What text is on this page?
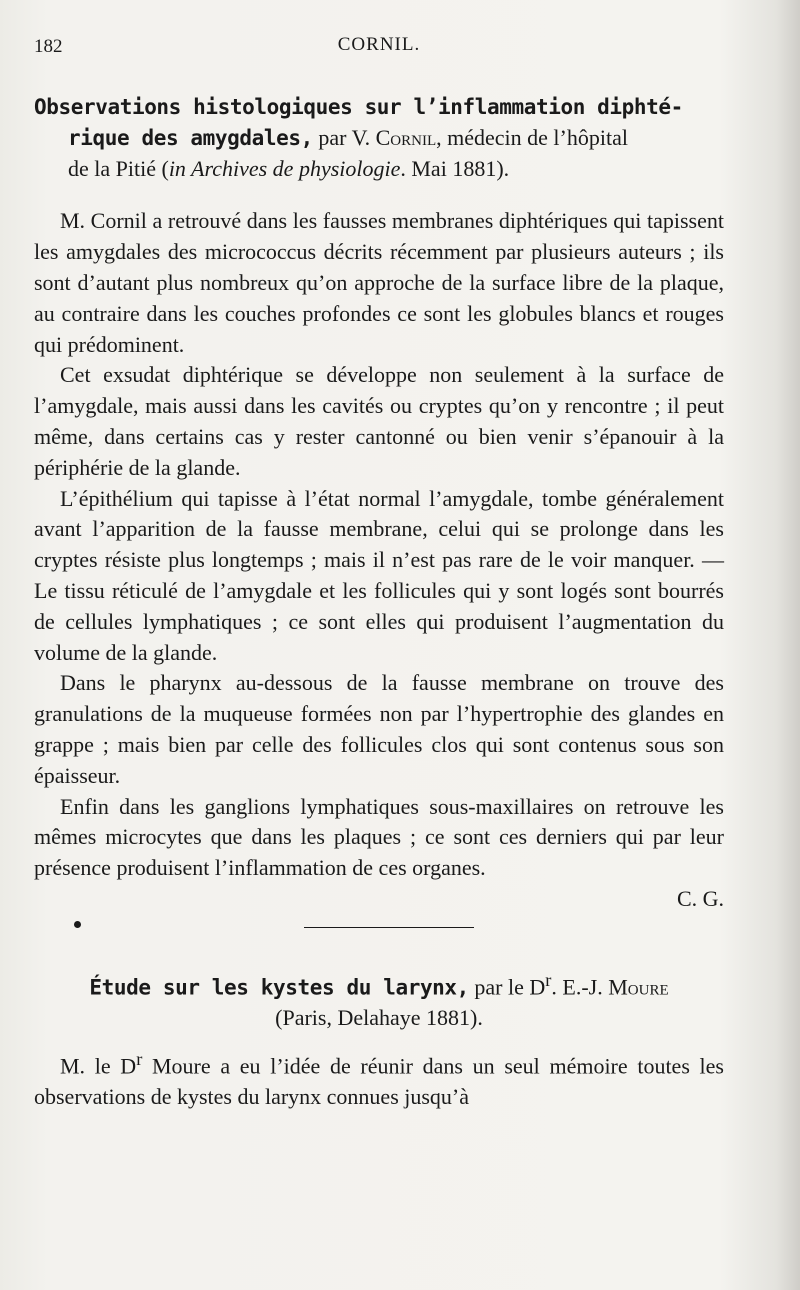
182	CORNIL.
Observations histologiques sur l’inflammation diphté-
rique des amygdales, par V. Cornil, médecin de l’hôpital
de la Pitié (in Archives de physiologie. Mai 1881).

M. Cornil a retrouvé dans les fausses membranes diphtériques qui tapissent les amygdales des micrococcus décrits récemment par plusieurs auteurs ; ils sont d’autant plus nombreux qu’on approche de la surface libre de la plaque, au contraire dans les couches profondes ce sont les globules blancs et rouges qui prédominent.

Cet exsudat diphtérique se développe non seulement à la surface de l’amygdale, mais aussi dans les cavités ou cryptes qu’on y rencontre ; il peut même, dans certains cas y rester cantonné ou bien venir s’épanouir à la périphérie de la glande.

L’épithélium qui tapisse à l’état normal l’amygdale, tombe généralement avant l’apparition de la fausse membrane, celui qui se prolonge dans les cryptes résiste plus longtemps ; mais il n’est pas rare de le voir manquer. — Le tissu réticulé de l’amygdale et les follicules qui y sont logés sont bourrés de cellules lymphatiques ; ce sont elles qui produisent l’augmentation du volume de la glande.

Dans le pharynx au-dessous de la fausse membrane on trouve des granulations de la muqueuse formées non par l’hypertrophie des glandes en grappe ; mais bien par celle des follicules clos qui sont contenus sous son épaisseur.

Enfin dans les ganglions lymphatiques sous-maxillaires on retrouve les mêmes microcytes que dans les plaques ; ce sont ces derniers qui par leur présence produisent l’inflammation de ces organes.

C. G.

Étude sur les kystes du larynx, par le $D^r$. E.-J. Moure
(Paris, Delahaye 1881).

M. le $D^r$ Moure a eu l’idée de réunir dans un seul mémoire toutes les observations de kystes du larynx connues jusqu’à
